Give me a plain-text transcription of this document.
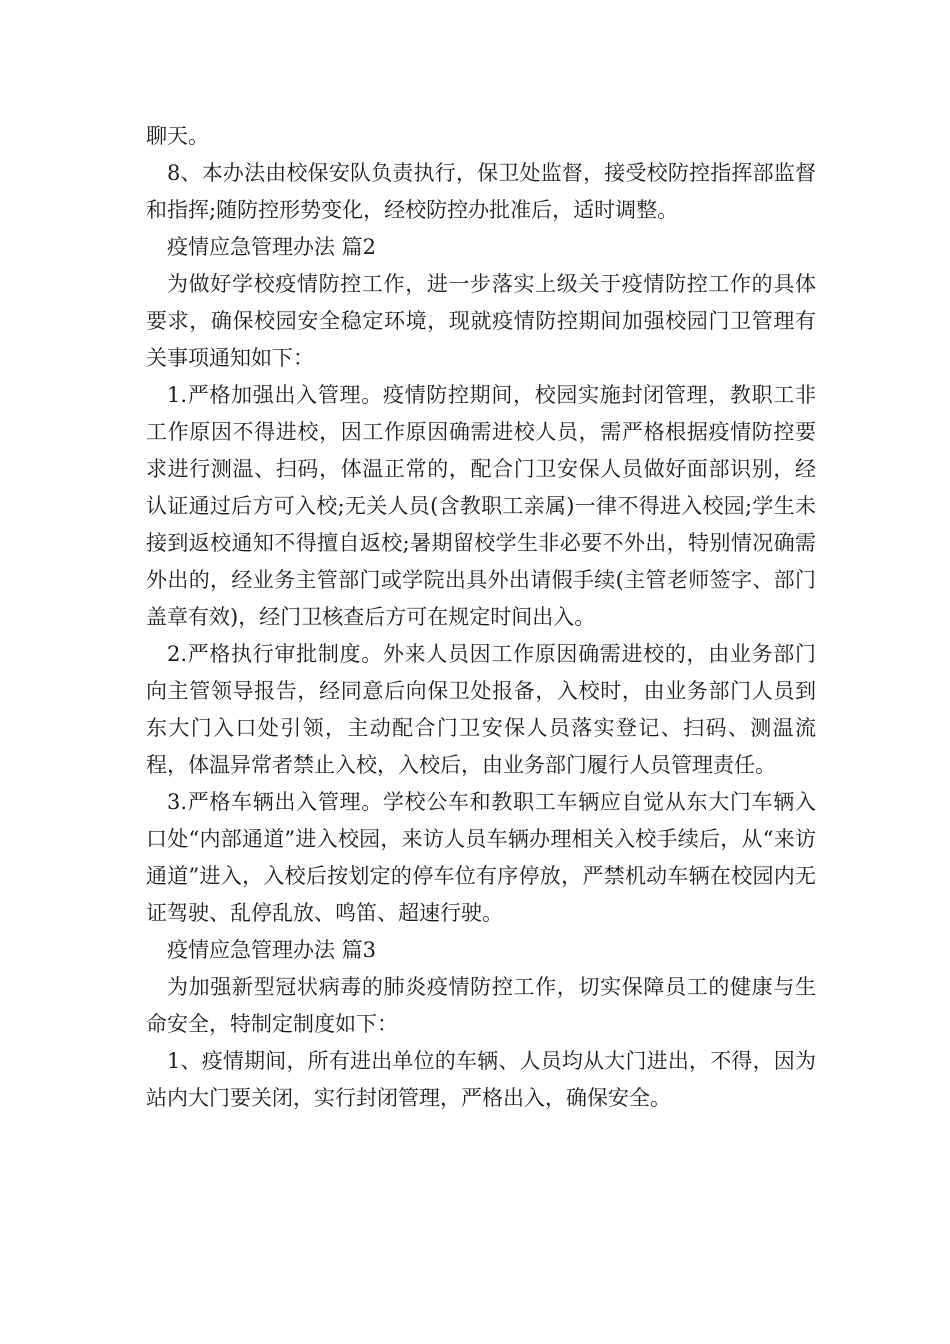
聊天。

8、本办法由校保安队负责执行，保卫处监督，接受校防控指挥部监督和指挥;随防控形势变化，经校防控办批准后，适时调整。

疫情应急管理办法 篇2

为做好学校疫情防控工作，进一步落实上级关于疫情防控工作的具体要求，确保校园安全稳定环境，现就疫情防控期间加强校园门卫管理有关事项通知如下：

1.严格加强出入管理。疫情防控期间，校园实施封闭管理，教职工非工作原因不得进校，因工作原因确需进校人员，需严格根据疫情防控要求进行测温、扫码，体温正常的，配合门卫安保人员做好面部识别，经认证通过后方可入校;无关人员(含教职工亲属)一律不得进入校园;学生未接到返校通知不得擅自返校;暑期留校学生非必要不外出，特别情况确需外出的，经业务主管部门或学院出具外出请假手续(主管老师签字、部门盖章有效)，经门卫核查后方可在规定时间出入。

2.严格执行审批制度。外来人员因工作原因确需进校的，由业务部门向主管领导报告，经同意后向保卫处报备，入校时，由业务部门人员到东大门入口处引领，主动配合门卫安保人员落实登记、扫码、测温流程，体温异常者禁止入校，入校后，由业务部门履行人员管理责任。

3.严格车辆出入管理。学校公车和教职工车辆应自觉从东大门车辆入口处“内部通道”进入校园，来访人员车辆办理相关入校手续后，从“来访通道”进入，入校后按划定的停车位有序停放，严禁机动车辆在校园内无证驾驶、乱停乱放、鸣笛、超速行驶。

疫情应急管理办法 篇3

为加强新型冠状病毒的肺炎疫情防控工作，切实保障员工的健康与生命安全，特制定制度如下：

1、疫情期间，所有进出单位的车辆、人员均从大门进出，不得，因为站内大门要关闭，实行封闭管理，严格出入，确保安全。
